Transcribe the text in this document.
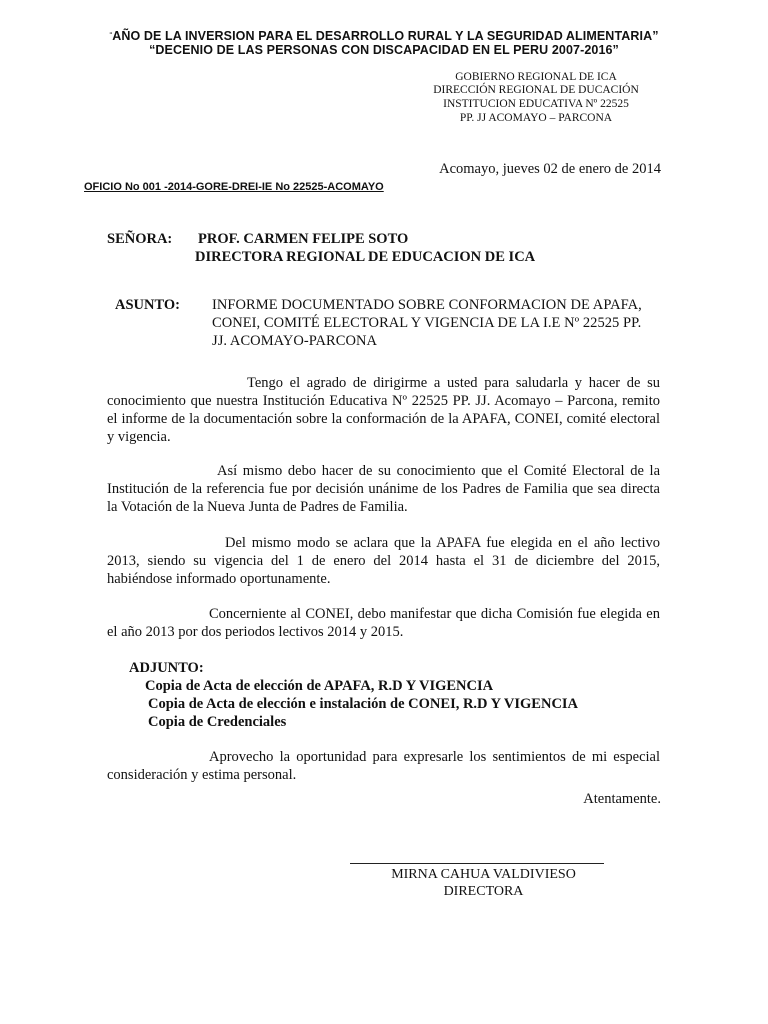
“AÑO DE LA INVERSION PARA EL DESARROLLO RURAL Y LA SEGURIDAD ALIMENTARIA”
“DECENIO DE LAS PERSONAS CON DISCAPACIDAD EN EL PERU 2007-2016”
GOBIERNO REGIONAL DE ICA
DIRECCIÓN REGIONAL DE DUCACIÓN
INSTITUCION EDUCATIVA Nº 22525
PP. JJ ACOMAYO – PARCONA
Acomayo, jueves 02 de enero de 2014
OFICIO No 001 -2014-GORE-DREI-IE No 22525-ACOMAYO
SEÑORA: PROF. CARMEN FELIPE SOTO
DIRECTORA REGIONAL DE EDUCACION DE ICA
ASUNTO: INFORME DOCUMENTADO SOBRE CONFORMACION DE APAFA,
CONEI, COMITÉ ELECTORAL Y VIGENCIA DE LA I.E Nº 22525 PP.
JJ. ACOMAYO-PARCONA

Tengo el agrado de dirigirme a usted para saludarla y hacer de su conocimiento que nuestra Institución Educativa Nº 22525 PP. JJ. Acomayo – Parcona, remito el informe de la documentación sobre la conformación de la APAFA, CONEI, comité electoral y vigencia.

Así mismo debo hacer de su conocimiento que el Comité Electoral de la Institución de la referencia fue por decisión unánime de los Padres de Familia que sea directa la Votación de la Nueva Junta de Padres de Familia.

Del mismo modo se aclara que la APAFA fue elegida en el año lectivo 2013, siendo su vigencia del 1 de enero del 2014 hasta el 31 de diciembre del 2015, habiéndose informado oportunamente.

Concerniente al CONEI, debo manifestar que dicha Comisión fue elegida en el año 2013 por dos periodos lectivos 2014 y 2015.

ADJUNTO:
Copia de Acta de elección de APAFA, R.D Y VIGENCIA
Copia de Acta de elección e instalación de CONEI, R.D Y VIGENCIA
Copia de Credenciales

Aprovecho la oportunidad para expresarle los sentimientos de mi especial consideración y estima personal.

Atentamente.
MIRNA CAHUA VALDIVIESO
DIRECTORA
